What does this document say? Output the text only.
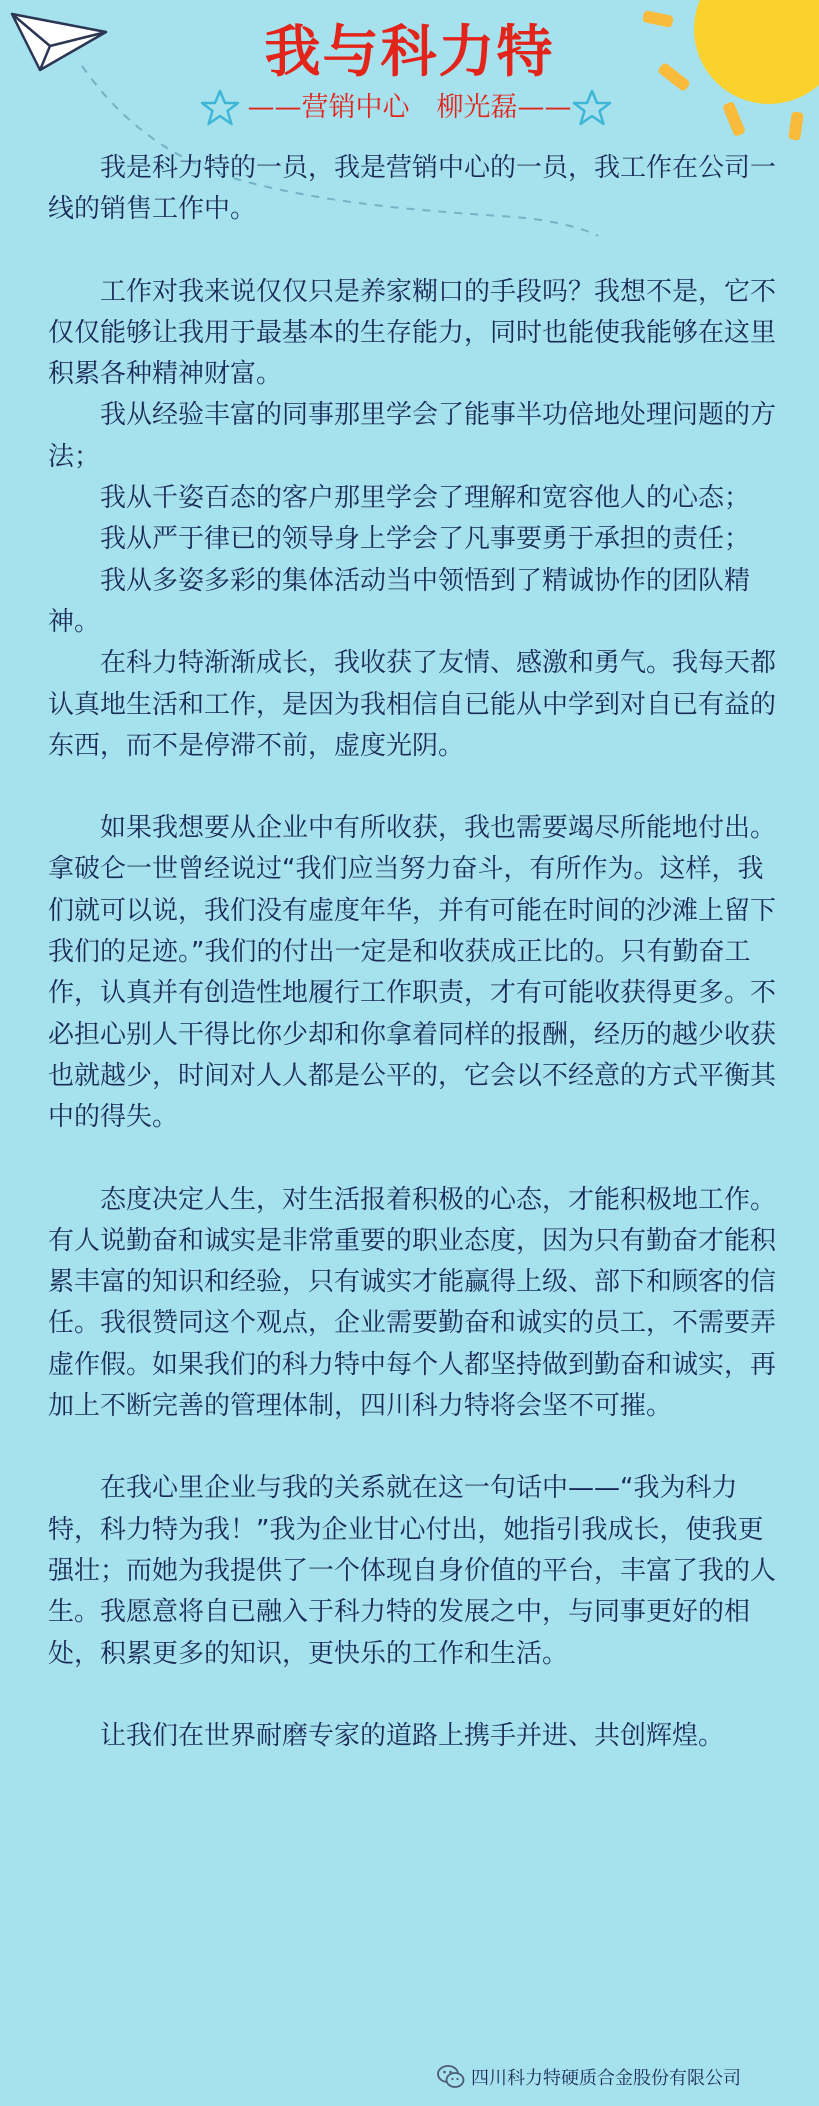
我与科力特
——营销中心　柳光磊——

我是科力特的一员，我是营销中心的一员，我工作在公司一线的销售工作中。

工作对我来说仅仅只是养家糊口的手段吗？我想不是，它不仅仅能够让我用于最基本的生存能力，同时也能使我能够在这里积累各种精神财富。

我从经验丰富的同事那里学会了能事半功倍地处理问题的方法；

我从千姿百态的客户那里学会了理解和宽容他人的心态；

我从严于律已的领导身上学会了凡事要勇于承担的责任；

我从多姿多彩的集体活动当中领悟到了精诚协作的团队精神。

在科力特渐渐成长，我收获了友情、感激和勇气。我每天都认真地生活和工作，是因为我相信自已能从中学到对自已有益的东西，而不是停滞不前，虚度光阴。

如果我想要从企业中有所收获，我也需要竭尽所能地付出。拿破仑一世曾经说过“我们应当努力奋斗，有所作为。这样，我们就可以说，我们没有虚度年华，并有可能在时间的沙滩上留下我们的足迹。”我们的付出一定是和收获成正比的。只有勤奋工作，认真并有创造性地履行工作职责，才有可能收获得更多。不必担心别人干得比你少却和你拿着同样的报酬，经历的越少收获也就越少，时间对人人都是公平的，它会以不经意的方式平衡其中的得失。

态度决定人生，对生活报着积极的心态，才能积极地工作。有人说勤奋和诚实是非常重要的职业态度，因为只有勤奋才能积累丰富的知识和经验，只有诚实才能赢得上级、部下和顾客的信任。我很赞同这个观点，企业需要勤奋和诚实的员工，不需要弄虚作假。如果我们的科力特中每个人都坚持做到勤奋和诚实，再加上不断完善的管理体制，四川科力特将会坚不可摧。

在我心里企业与我的关系就在这一句话中——“我为科力特，科力特为我！”我为企业甘心付出，她指引我成长，使我更强壮；而她为我提供了一个体现自身价值的平台，丰富了我的人生。我愿意将自已融入于科力特的发展之中，与同事更好的相处，积累更多的知识，更快乐的工作和生活。

让我们在世界耐磨专家的道路上携手并进、共创辉煌。

四川科力特硬质合金股份有限公司
